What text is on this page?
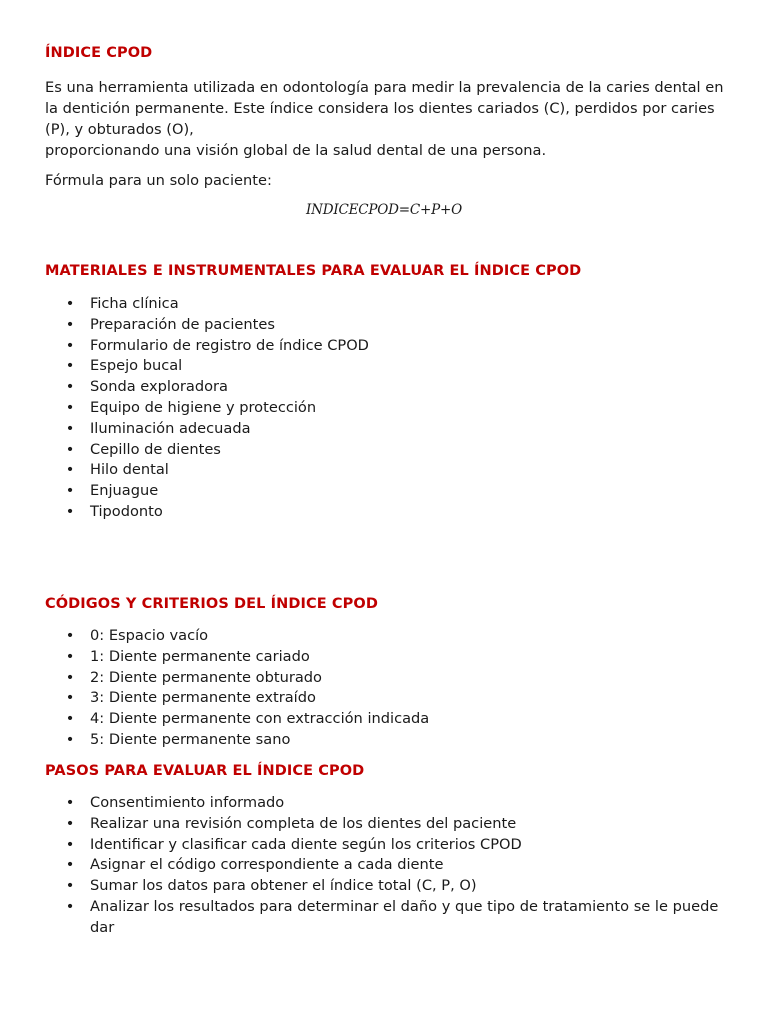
ÍNDICE CPOD

Es una herramienta utilizada en odontología para medir la prevalencia de la caries dental en la dentición permanente. Este índice considera los dientes cariados (C), perdidos por caries (P), y obturados (O),

proporcionando una visión global de la salud dental de una persona.

Fórmula para un solo paciente:
INDICECPOD=C+P+O
MATERIALES E INSTRUMENTALES PARA EVALUAR EL ÍNDICE CPOD
• Ficha clínica
• Preparación de pacientes
• Formulario de registro de índice CPOD
• Espejo bucal
• Sonda exploradora
• Equipo de higiene y protección
• Iluminación adecuada
• Cepillo de dientes
• Hilo dental
• Enjuague
• Tipodonto
CÓDIGOS Y CRITERIOS DEL ÍNDICE CPOD
• 0: Espacio vacío
• 1: Diente permanente cariado
• 2: Diente permanente obturado
• 3: Diente permanente extraído
• 4: Diente permanente con extracción indicada
• 5: Diente permanente sano
PASOS PARA EVALUAR EL ÍNDICE CPOD
• Consentimiento informado
• Realizar una revisión completa de los dientes del paciente
• Identificar y clasificar cada diente según los criterios CPOD
• Asignar el código correspondiente a cada diente
• Sumar los datos para obtener el índice total (C, P, O)
• Analizar los resultados para determinar el daño y que tipo de tratamiento se le puede dar
